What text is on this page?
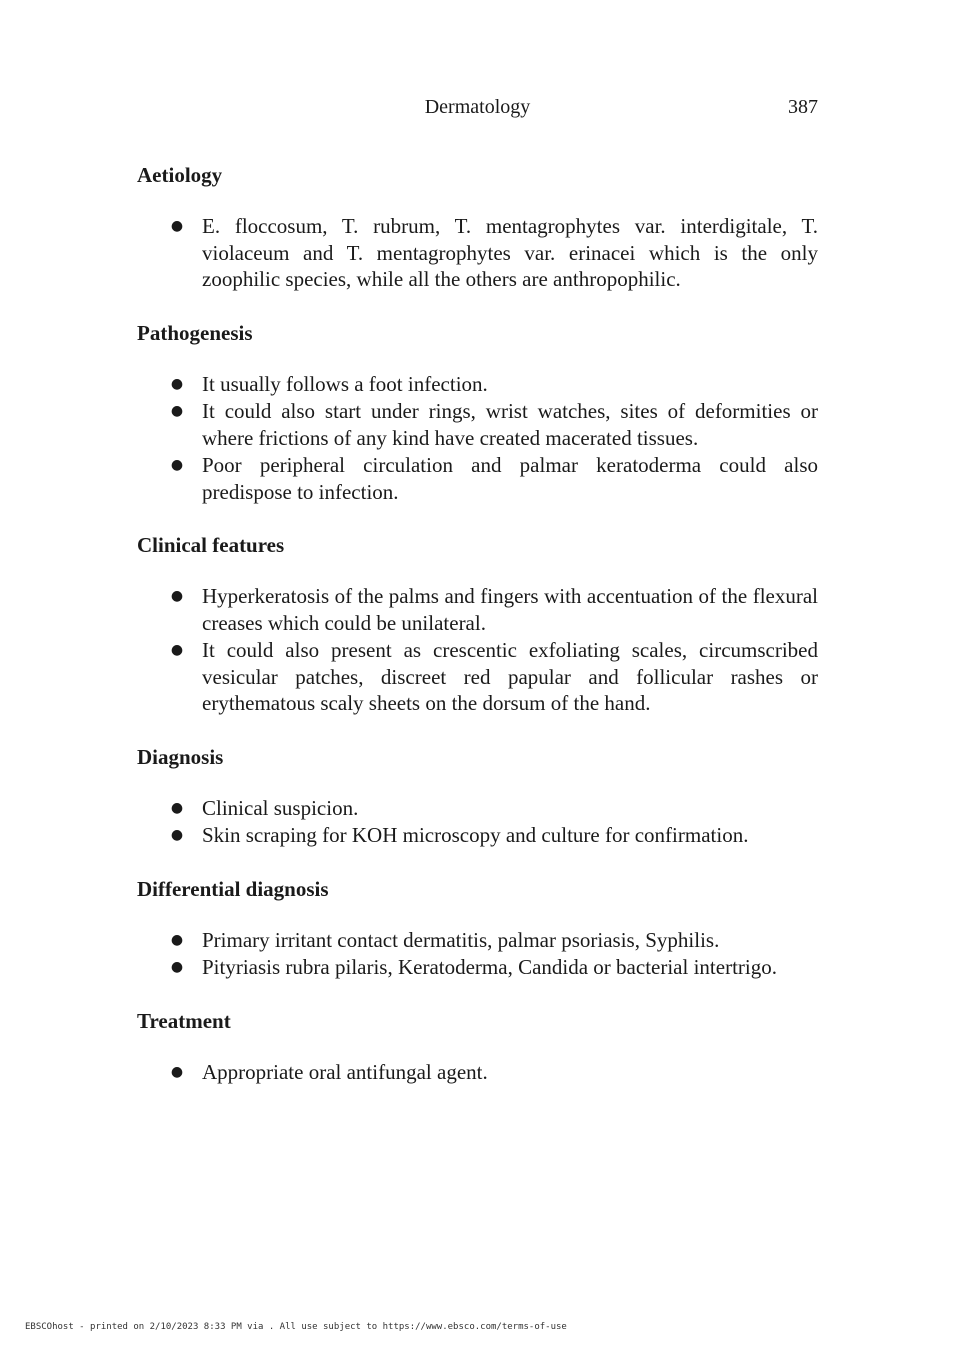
Dermatology	387
Aetiology
● E. floccosum, T. rubrum, T. mentagrophytes var. interdigitale, T. violaceum and T. mentagrophytes var. erinacei which is the only zoophilic species, while all the others are anthropophilic.
Pathogenesis
● It usually follows a foot infection.
● It could also start under rings, wrist watches, sites of deformities or where frictions of any kind have created macerated tissues.
● Poor peripheral circulation and palmar keratoderma could also predispose to infection.
Clinical features
● Hyperkeratosis of the palms and fingers with accentuation of the flexural creases which could be unilateral.
● It could also present as crescentic exfoliating scales, circumscribed vesicular patches, discreet red papular and follicular rashes or erythematous scaly sheets on the dorsum of the hand.
Diagnosis
● Clinical suspicion.
● Skin scraping for KOH microscopy and culture for confirmation.
Differential diagnosis
● Primary irritant contact dermatitis, palmar psoriasis, Syphilis.
● Pityriasis rubra pilaris, Keratoderma, Candida or bacterial intertrigo.
Treatment
● Appropriate oral antifungal agent.
EBSCOhost - printed on 2/10/2023 8:33 PM via . All use subject to https://www.ebsco.com/terms-of-use
